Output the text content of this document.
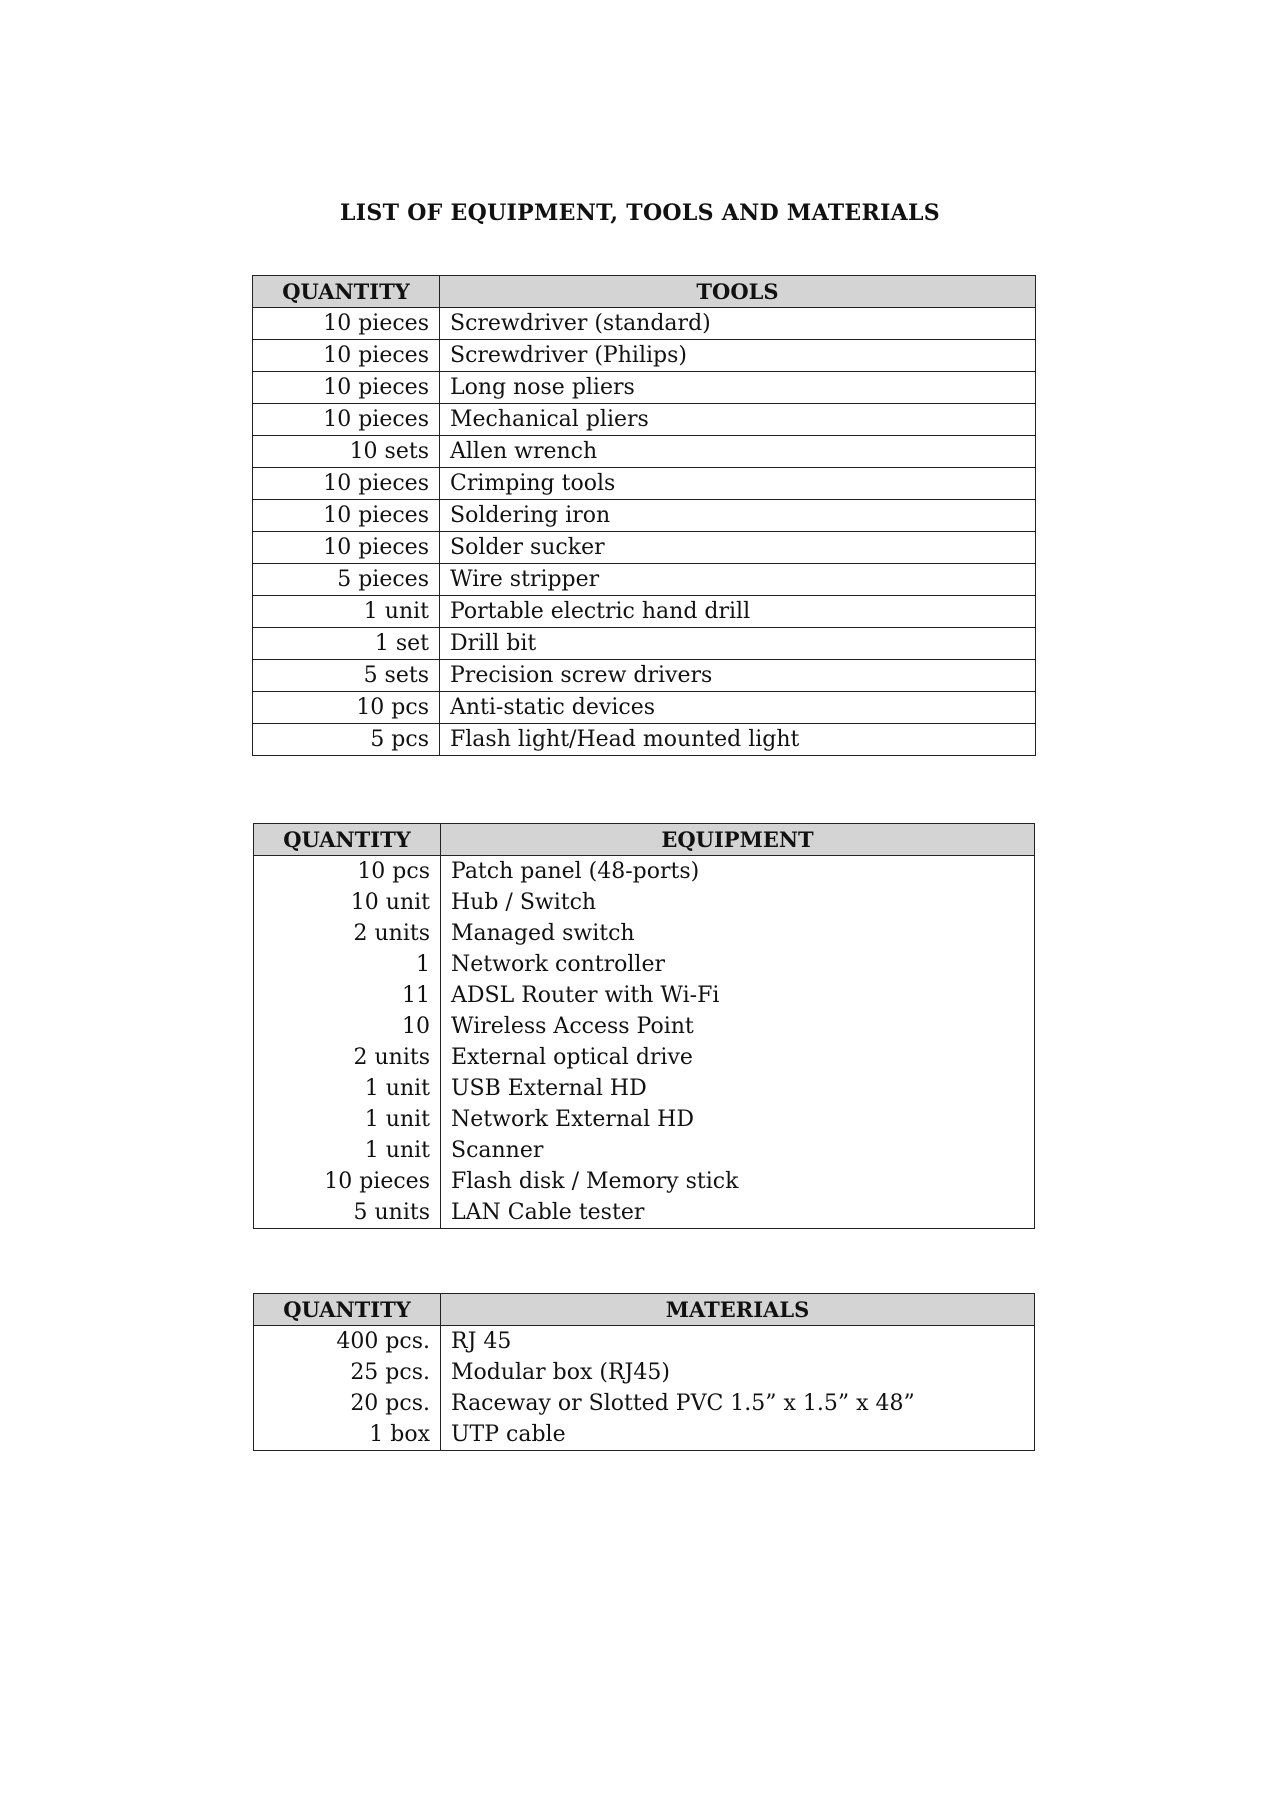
LIST OF EQUIPMENT, TOOLS AND MATERIALS
QUANTITY	TOOLS
10 pieces	Screwdriver (standard)
10 pieces	Screwdriver (Philips)
10 pieces	Long nose pliers
10 pieces	Mechanical pliers
10 sets	Allen wrench
10 pieces	Crimping tools
10 pieces	Soldering iron
10 pieces	Solder sucker
5 pieces	Wire stripper
1 unit	Portable electric hand drill
1 set	Drill bit
5 sets	Precision screw drivers
10 pcs	Anti-static devices
5 pcs	Flash light/Head mounted light
QUANTITY	EQUIPMENT
10 pcs	Patch panel (48-ports)
10 unit	Hub / Switch
2 units	Managed switch
1	Network controller
11	ADSL Router with Wi-Fi
10	Wireless Access Point
2 units	External optical drive
1 unit	USB External HD
1 unit	Network External HD
1 unit	Scanner
10 pieces	Flash disk / Memory stick
5 units	LAN Cable tester
QUANTITY	MATERIALS
400 pcs.	RJ 45
25 pcs.	Modular box (RJ45)
20 pcs.	Raceway or Slotted PVC 1.5” x 1.5” x 48”
1 box	UTP cable
